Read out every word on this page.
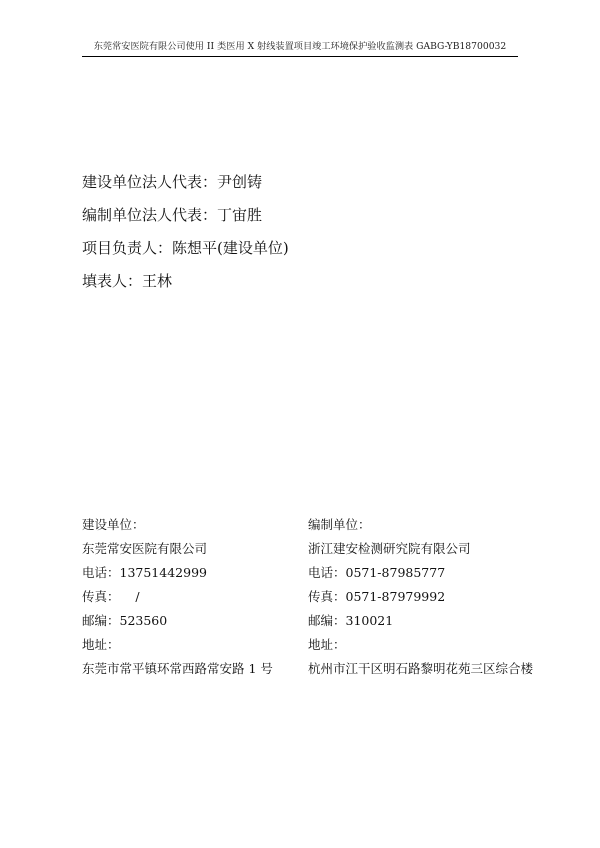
东莞常安医院有限公司使用 II 类医用 X 射线装置项目竣工环境保护验收监测表 GABG-YB18700032
建设单位法人代表：尹创铸
编制单位法人代表：丁宙胜
项目负责人：陈想平(建设单位)
填表人：王林
建设单位：
东莞常安医院有限公司
电话：13751442999
传真：    /
邮编：523560
地址：
东莞市常平镇环常西路常安路 1 号
编制单位：
浙江建安检测研究院有限公司
电话：0571-87985777
传真：0571-87979992
邮编：310021
地址：
杭州市江干区明石路黎明花苑三区综合楼
